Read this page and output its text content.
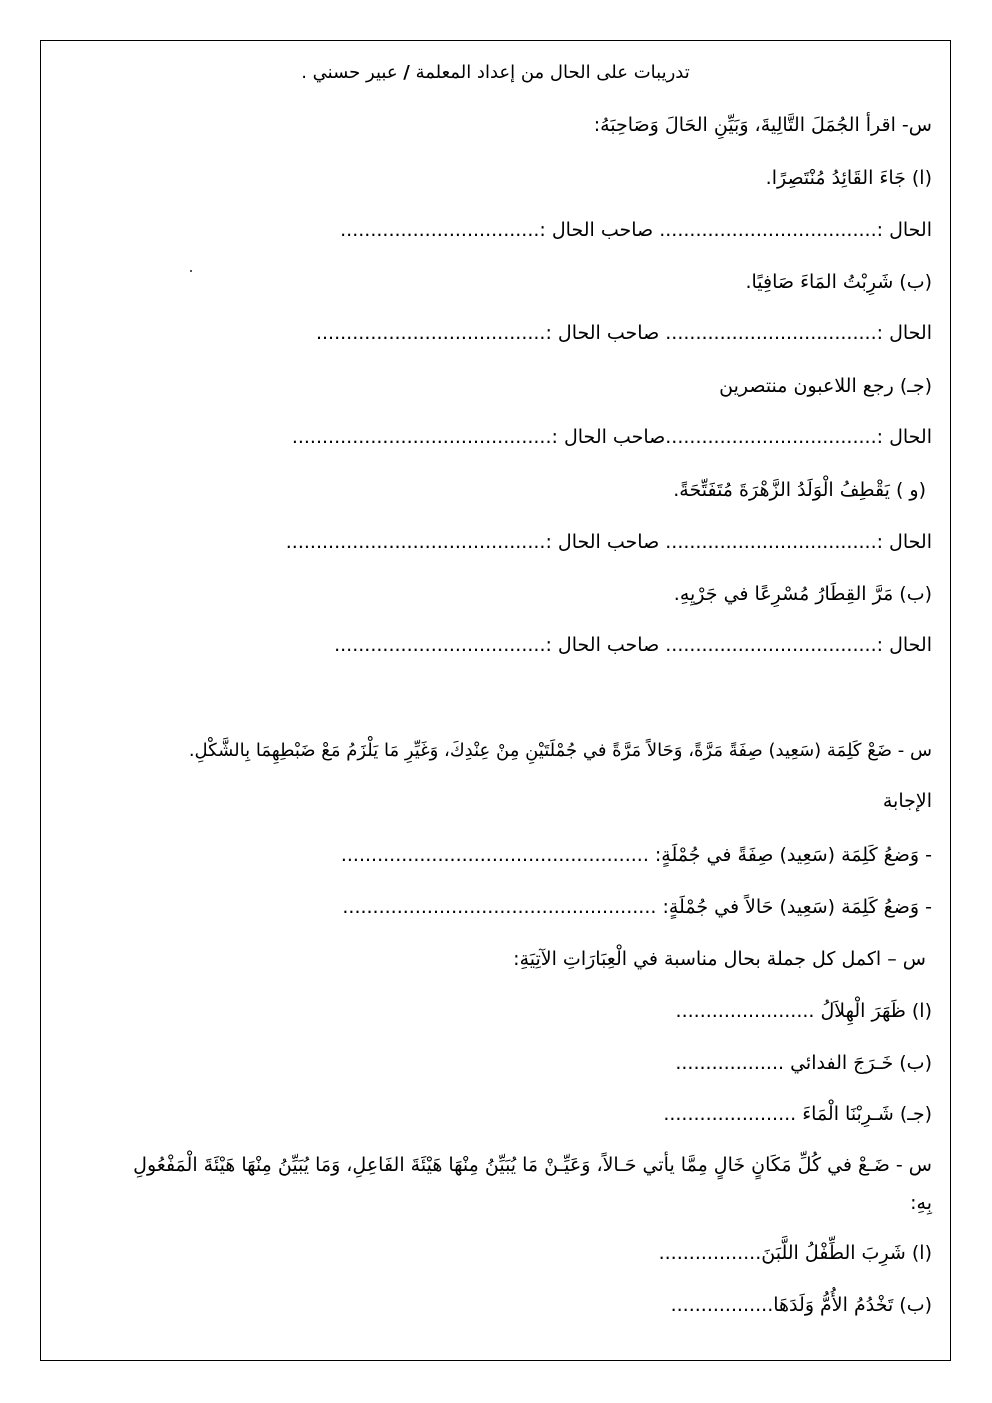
تدريبات على الحال من إعداد المعلمة / عبير حسني .
س- اقرأ الجُمَلَ التَّالِيةَ، وَبَيِّنِ الحَالَ وَصَاحِبَهُ:
(ا) جَاءَ القَائِدُ مُنْتَصِرًا.
الحال :.................................... صاحب الحال :.................................
(ب) شَرِبْتُ المَاءَ صَافِيًا.
الحال :................................... صاحب الحال :......................................
(جـ) رجع اللاعبون منتصرين
الحال :...................................صاحب الحال :...........................................
(و ) يَقْطِفُ الْوَلَدُ الزَّهْرَةَ مُتَفَتِّحَةً.
الحال :................................... صاحب الحال :...........................................
(ب) مَرَّ القِطَارُ مُسْرِعًا في جَرْيِهِ.
الحال :................................... صاحب الحال :...................................
س - ضَعْ كَلِمَة (سَعِيد) صِفَةً مَرَّةً، وَحَالاً مَرَّةً في جُمْلَتَيْنِ مِنْ عِنْدِكَ، وَغَيِّرِ مَا يَلْزَمُ مَعْ ضَبْطِهِمَا بِالشَّكْلِ.
الإجابة
- وَضعُ كَلِمَة (سَعِيد) صِفَةً في جُمْلَةٍ: ...................................................
- وَضعُ كَلِمَة (سَعِيد) حَالاً في جُمْلَةٍ: ....................................................
س – اكمل كل جملة بحال مناسبة في الْعِبَارَاتِ الآتِيَةِ:
(ا) ظَهَرَ الْهِلاَلُ .......................
(ب) خَـرَجَ الفدائي ..................
(جـ) شَـرِبْنَا الْمَاءَ ......................
س - ضَـعْ في كُلِّ مَكَانٍ خَالٍ مِمَّا يأتي حَـالاً، وَعَيِّـنْ مَا يُبَيِّنُ مِنْهَا هَيْئَةَ الفَاعِلِ، وَمَا يُبَيِّنُ مِنْهَا هَيْئَةَ الْمَفْعُولِ بِهِ:
(ا) شَرِبَ الطِّفْلُ اللَّبَنَ.................
(ب) تَخْدُمُ الأُمُّ وَلَدَهَا.................
